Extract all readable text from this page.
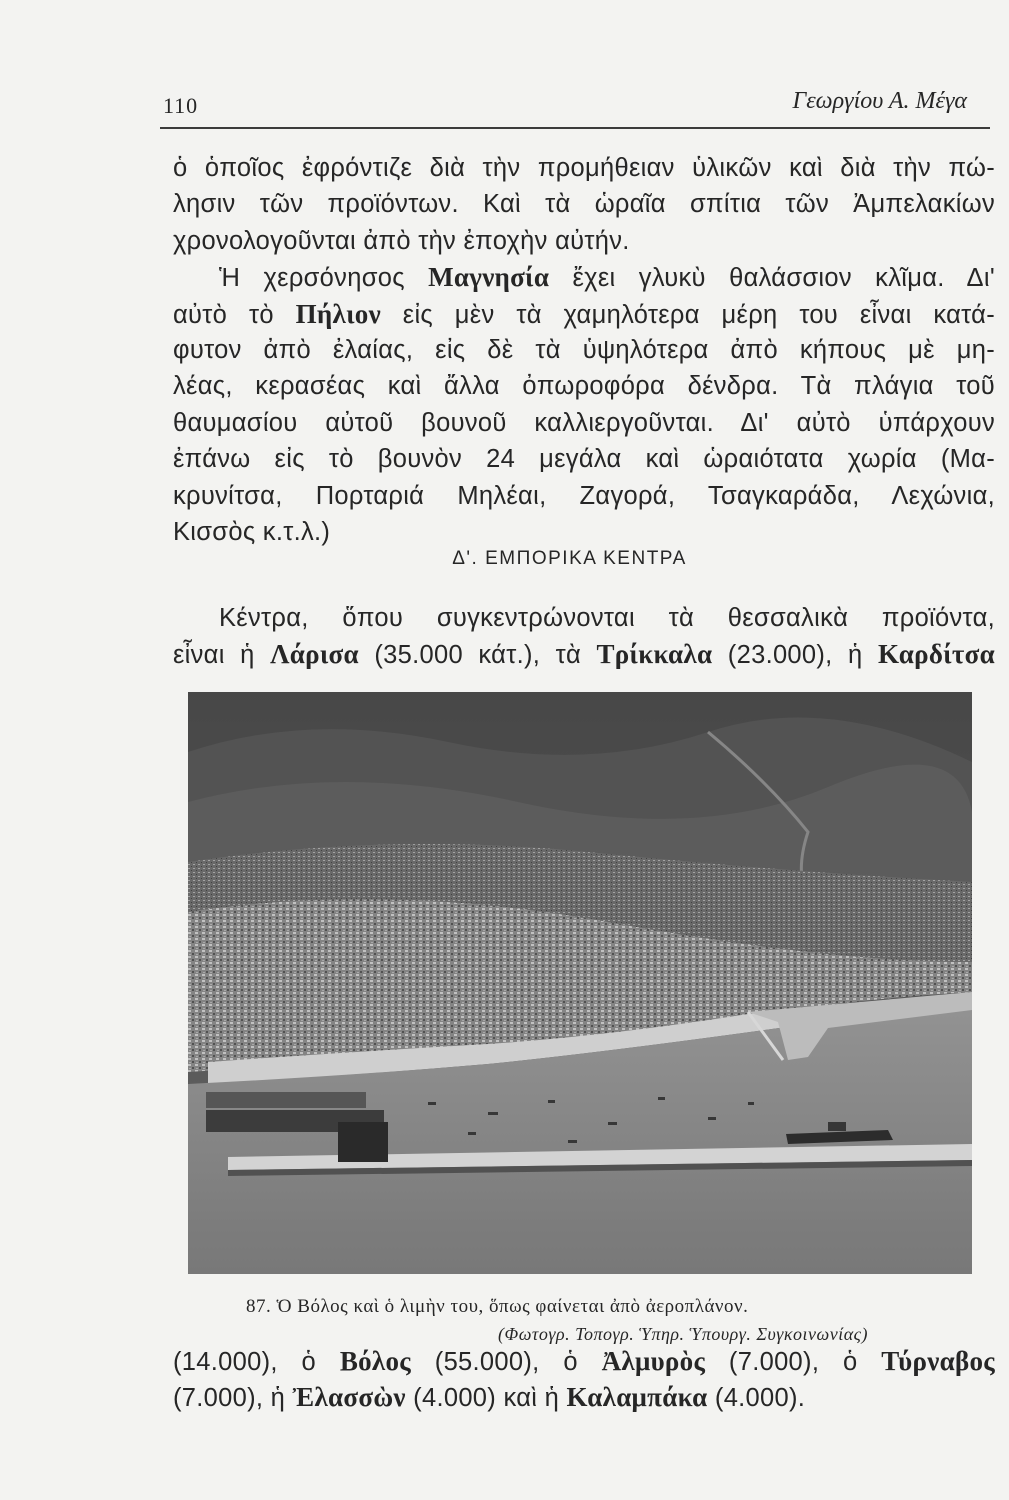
110	Γεωργίου Α. Μέγα
ὁ ὁποῖος ἐφρόντιζε διὰ τὴν προμήθειαν ὑλικῶν καὶ διὰ τὴν πώ-
λησιν τῶν προϊόντων. Καὶ τὰ ὡραῖα σπίτια τῶν Ἀμπελακίων
χρονολογοῦνται ἀπὸ τὴν ἐποχὴν αὐτήν.
Ἡ χερσόνησος Μαγνησία ἔχει γλυκὺ θαλάσσιον κλῖμα. Δι'
αὐτὸ τὸ Πήλιον εἰς μὲν τὰ χαμηλότερα μέρη του εἶναι κατά-
φυτον ἀπὸ ἐλαίας, εἰς δὲ τὰ ὑψηλότερα ἀπὸ κήπους μὲ μη-
λέας, κερασέας καὶ ἄλλα ὀπωροφόρα δένδρα. Τὰ πλάγια τοῦ
θαυμασίου αὐτοῦ βουνοῦ καλλιεργοῦνται. Δι' αὐτὸ ὑπάρχουν
ἐπάνω εἰς τὸ βουνὸν 24 μεγάλα καὶ ὡραιότατα χωρία (Μα-
κρυνίτσα, Πορταριά Μηλέαι, Ζαγορά, Τσαγκαράδα, Λεχώνια,
Κισσὸς κ.τ.λ.)
Δ'. ΕΜΠΟΡΙΚΑ ΚΕΝΤΡΑ
Κέντρα, ὅπου συγκεντρώνονται τὰ θεσσαλικὰ προϊόντα,
εἶναι ἡ Λάρισα (35.000 κάτ.), τὰ Τρίκκαλα (23.000), ἡ Καρδίτσα
87. Ὁ Βόλος καὶ ὁ λιμὴν του, ὅπως φαίνεται ἀπὸ ἀεροπλάνον.
(Φωτογρ. Τοπογρ. Ὑπηρ. Ὑπουργ. Συγκοινωνίας)
(14.000), ὁ Βόλος (55.000), ὁ Ἀλμυρὸς (7.000), ὁ Τύρναβος
(7.000), ἡ Ἐλασσὼν (4.000) καὶ ἡ Καλαμπάκα (4.000).
